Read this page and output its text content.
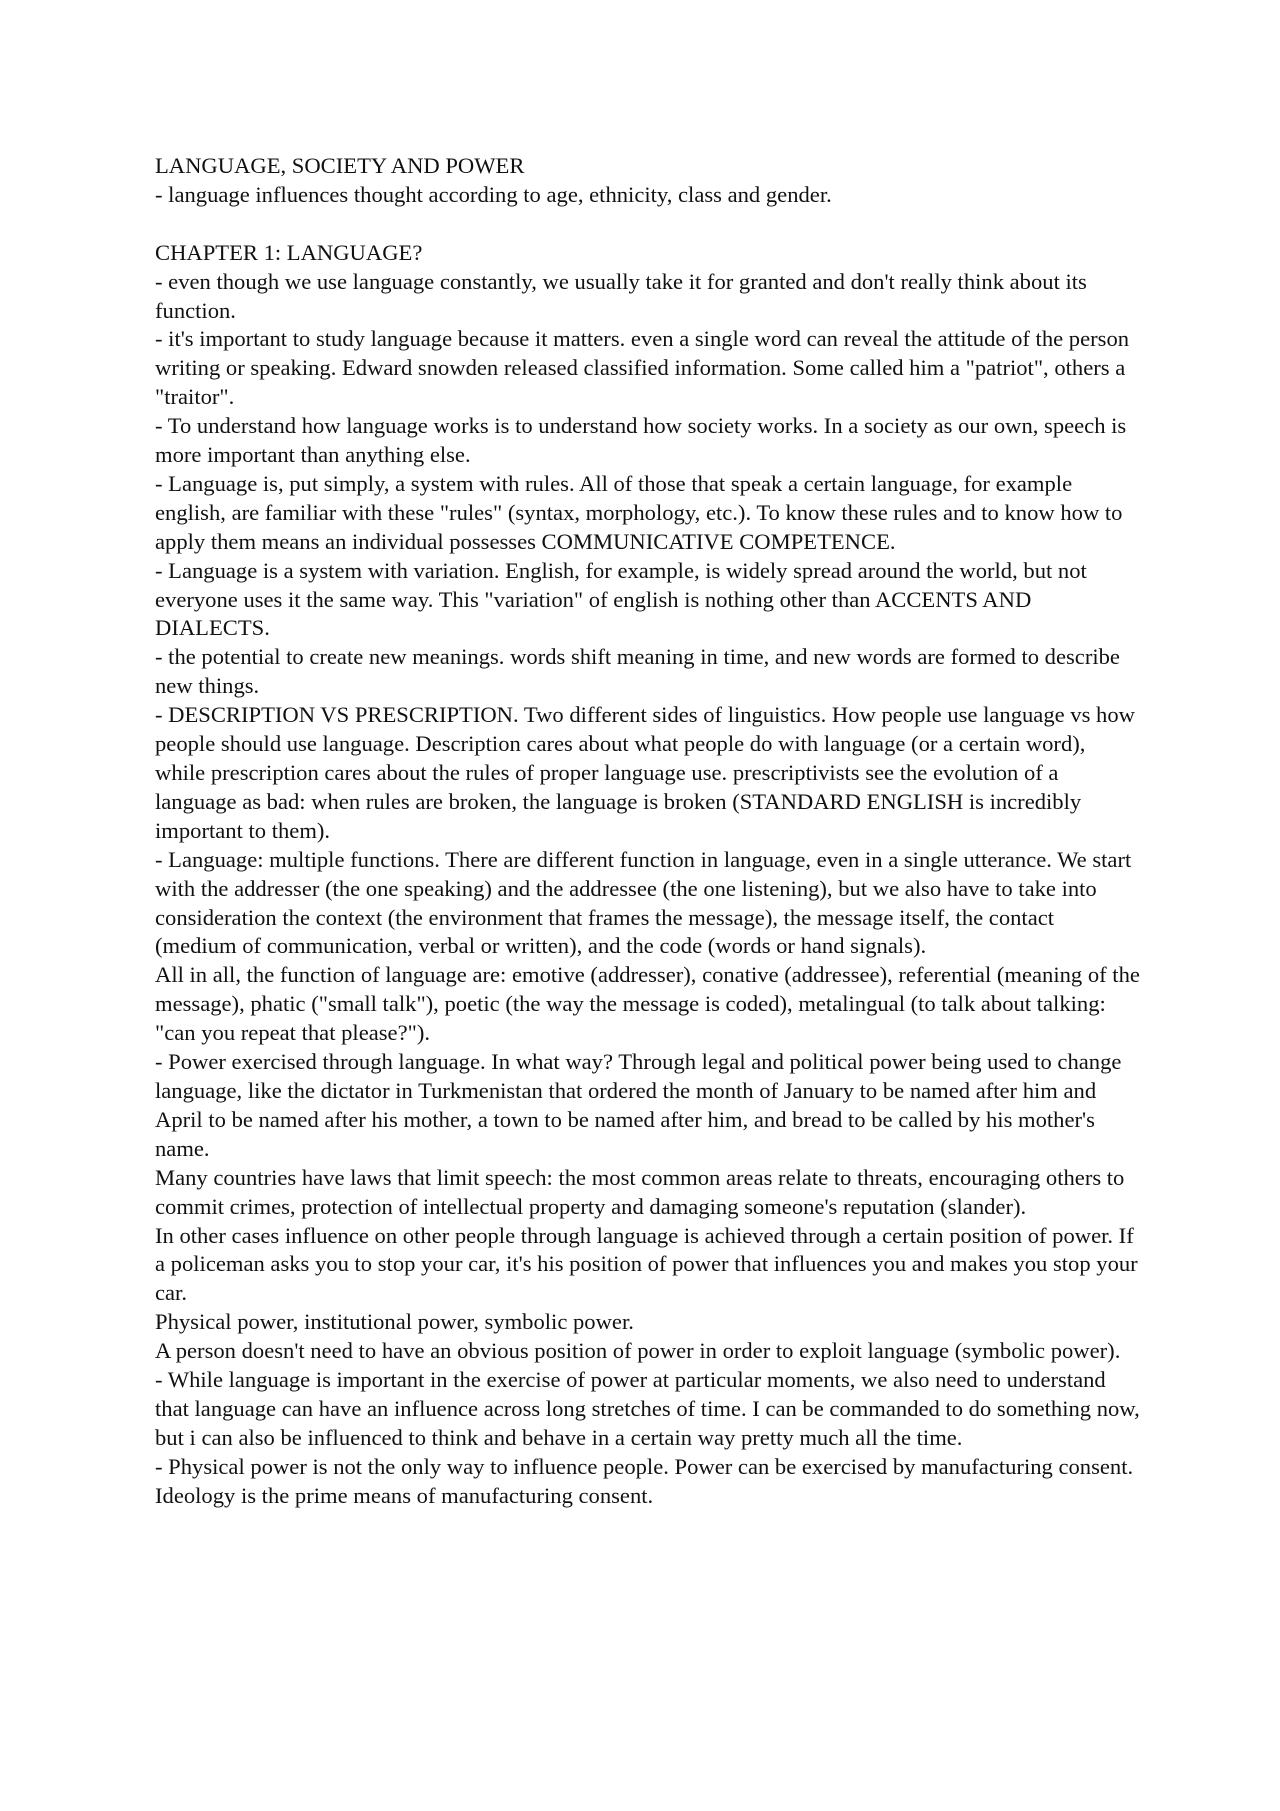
LANGUAGE, SOCIETY AND POWER

- language influences thought according to age, ethnicity, class and gender.

CHAPTER 1: LANGUAGE?

- even though we use language constantly, we usually take it for granted and don't really think about its function.

- it's important to study language because it matters. even a single word can reveal the attitude of the person writing or speaking. Edward snowden released classified information. Some called him a "patriot", others a "traitor".

- To understand how language works is to understand how society works. In a society as our own, speech is more important than anything else.

- Language is, put simply, a system with rules. All of those that speak a certain language, for example english, are familiar with these "rules" (syntax, morphology, etc.). To know these rules and to know how to apply them means an individual possesses COMMUNICATIVE COMPETENCE.

- Language is a system with variation. English, for example, is widely spread around the world, but not everyone uses it the same way. This "variation" of english is nothing other than ACCENTS AND DIALECTS.

- the potential to create new meanings. words shift meaning in time, and new words are formed to describe new things.

- DESCRIPTION VS PRESCRIPTION. Two different sides of linguistics. How people use language vs how people should use language. Description cares about what people do with language (or a certain word), while prescription cares about the rules of proper language use. prescriptivists see the evolution of a language as bad: when rules are broken, the language is broken (STANDARD ENGLISH is incredibly important to them).

- Language: multiple functions. There are different function in language, even in a single utterance. We start with the addresser (the one speaking) and the addressee (the one listening), but we also have to take into consideration the context (the environment that frames the message), the message itself, the contact (medium of communication, verbal or written), and the code (words or hand signals).

All in all, the function of language are: emotive (addresser), conative (addressee), referential (meaning of the message), phatic ("small talk"), poetic (the way the message is coded), metalingual (to talk about talking: "can you repeat that please?").

- Power exercised through language. In what way? Through legal and political power being used to change language, like the dictator in Turkmenistan that ordered the month of January to be named after him and April to be named after his mother, a town to be named after him, and bread to be called by his mother's name.

Many countries have laws that limit speech: the most common areas relate to threats, encouraging others to commit crimes, protection of intellectual property and damaging someone's reputation (slander).

In other cases influence on other people through language is achieved through a certain position of power. If a policeman asks you to stop your car, it's his position of power that influences you and makes you stop your car.

Physical power, institutional power, symbolic power.

A person doesn't need to have an obvious position of power in order to exploit language (symbolic power).

- While language is important in the exercise of power at particular moments, we also need to understand that language can have an influence across long stretches of time. I can be commanded to do something now, but i can also be influenced to think and behave in a certain way pretty much all the time.

- Physical power is not the only way to influence people. Power can be exercised by manufacturing consent. Ideology is the prime means of manufacturing consent.
